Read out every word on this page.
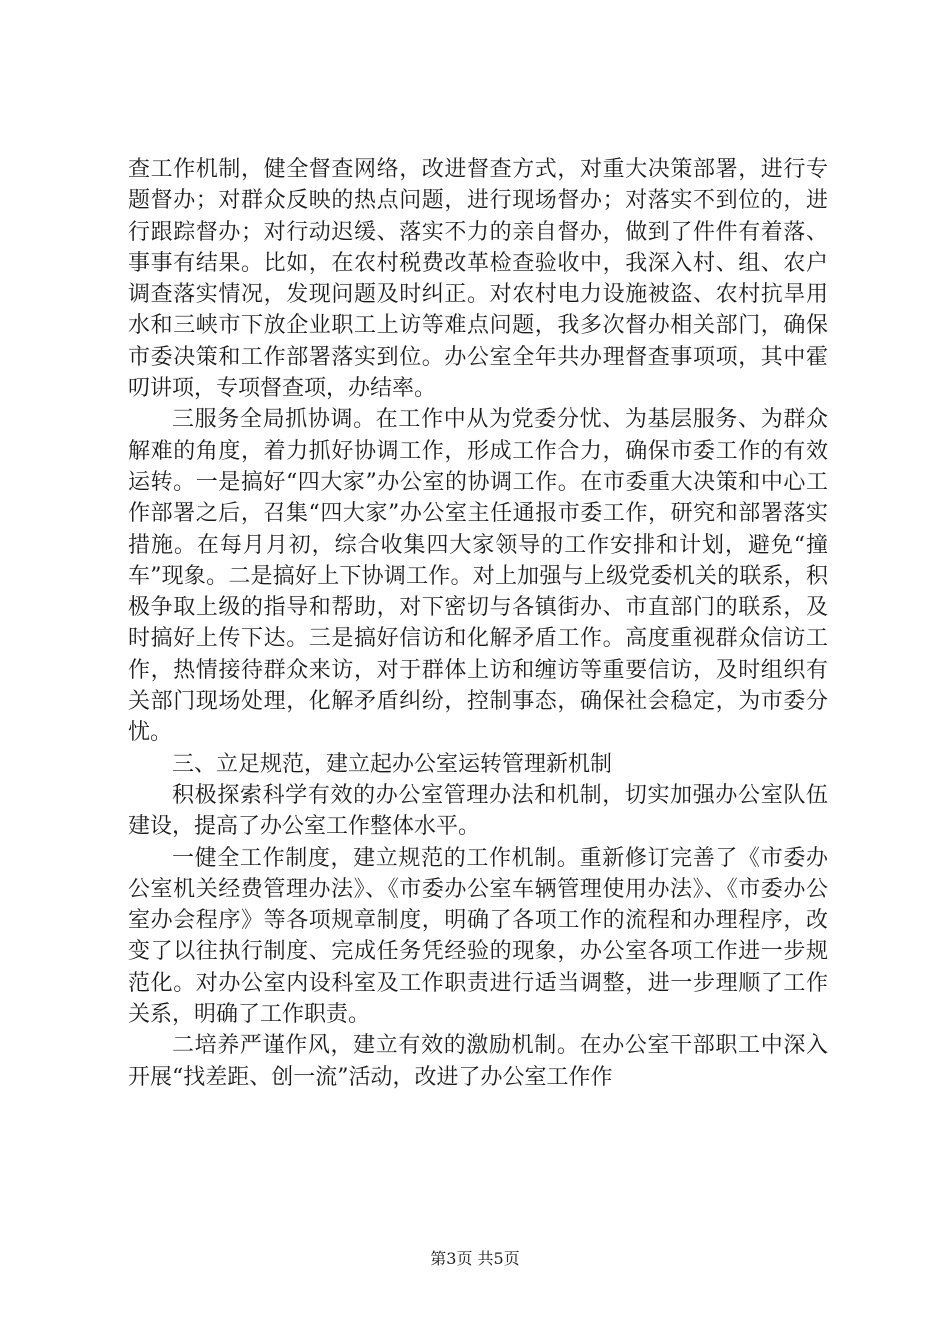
查工作机制，健全督查网络，改进督查方式，对重大决策部署，进行专题督办；对群众反映的热点问题，进行现场督办；对落实不到位的，进行跟踪督办；对行动迟缓、落实不力的亲自督办，做到了件件有着落、事事有结果。比如，在农村税费改革检查验收中，我深入村、组、农户调查落实情况，发现问题及时纠正。对农村电力设施被盗、农村抗旱用水和三峡市下放企业职工上访等难点问题，我多次督办相关部门，确保市委决策和工作部署落实到位。办公室全年共办理督查事项项，其中霍叨讲项，专项督查项，办结率。

三服务全局抓协调。在工作中从为党委分忧、为基层服务、为群众解难的角度，着力抓好协调工作，形成工作合力，确保市委工作的有效运转。一是搞好“四大家”办公室的协调工作。在市委重大决策和中心工作部署之后，召集“四大家”办公室主任通报市委工作，研究和部署落实措施。在每月月初，综合收集四大家领导的工作安排和计划，避免“撞车”现象。二是搞好上下协调工作。对上加强与上级党委机关的联系，积极争取上级的指导和帮助，对下密切与各镇街办、市直部门的联系，及时搞好上传下达。三是搞好信访和化解矛盾工作。高度重视群众信访工作，热情接待群众来访，对于群体上访和缠访等重要信访，及时组织有关部门现场处理，化解矛盾纠纷，控制事态，确保社会稳定，为市委分忧。

三、立足规范，建立起办公室运转管理新机制

积极探索科学有效的办公室管理办法和机制，切实加强办公室队伍建设，提高了办公室工作整体水平。

一健全工作制度，建立规范的工作机制。重新修订完善了《市委办公室机关经费管理办法》、《市委办公室车辆管理使用办法》、《市委办公室办会程序》等各项规章制度，明确了各项工作的流程和办理程序，改变了以往执行制度、完成任务凭经验的现象，办公室各项工作进一步规范化。对办公室内设科室及工作职责进行适当调整，进一步理顺了工作关系，明确了工作职责。

二培养严谨作风，建立有效的激励机制。在办公室干部职工中深入开展“找差距、创一流”活动，改进了办公室工作作

第3页 共5页
